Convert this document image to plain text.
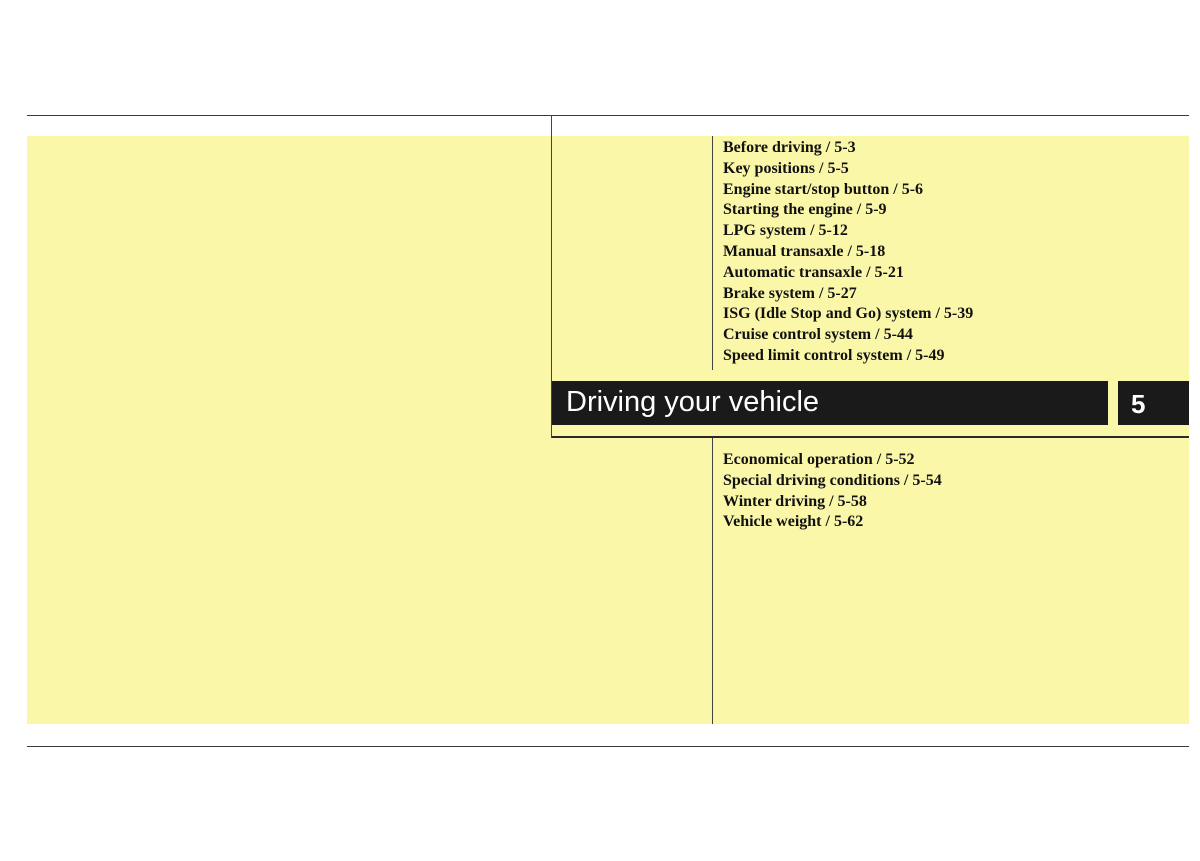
Before driving / 5-3
Key positions / 5-5
Engine start/stop button / 5-6
Starting the engine / 5-9
LPG system / 5-12
Manual transaxle / 5-18
Automatic transaxle / 5-21
Brake system / 5-27
ISG (Idle Stop and Go) system / 5-39
Cruise control system / 5-44
Speed limit control system / 5-49
Driving your vehicle	5
Economical operation / 5-52
Special driving conditions / 5-54
Winter driving / 5-58
Vehicle weight / 5-62
